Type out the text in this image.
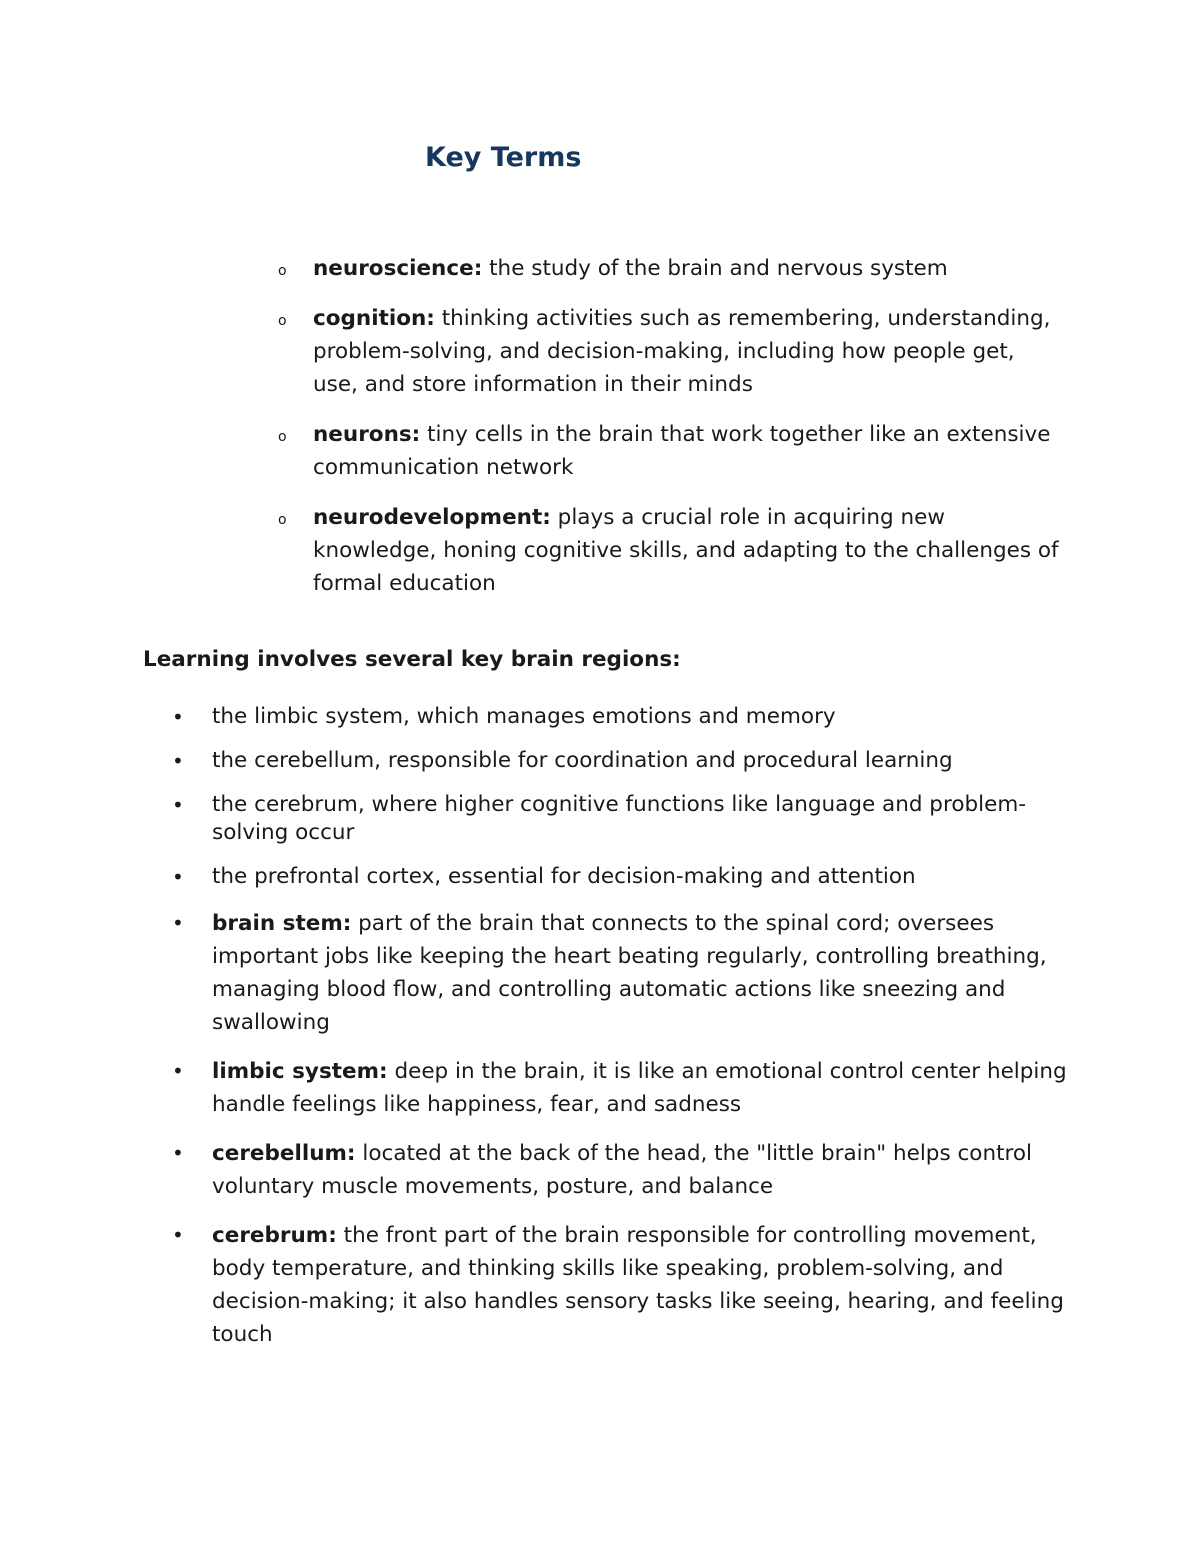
Key Terms
o neuroscience: the study of the brain and nervous system
o cognition: thinking activities such as remembering, understanding, problem-solving, and decision-making, including how people get, use, and store information in their minds
o neurons: tiny cells in the brain that work together like an extensive communication network
o neurodevelopment: plays a crucial role in acquiring new knowledge, honing cognitive skills, and adapting to the challenges of formal education

Learning involves several key brain regions:

• the limbic system, which manages emotions and memory
• the cerebellum, responsible for coordination and procedural learning
• the cerebrum, where higher cognitive functions like language and problem-solving occur
• the prefrontal cortex, essential for decision-making and attention
• brain stem: part of the brain that connects to the spinal cord; oversees important jobs like keeping the heart beating regularly, controlling breathing, managing blood flow, and controlling automatic actions like sneezing and swallowing
• limbic system: deep in the brain, it is like an emotional control center helping handle feelings like happiness, fear, and sadness
• cerebellum: located at the back of the head, the "little brain" helps control voluntary muscle movements, posture, and balance
• cerebrum: the front part of the brain responsible for controlling movement, body temperature, and thinking skills like speaking, problem-solving, and decision-making; it also handles sensory tasks like seeing, hearing, and feeling touch
